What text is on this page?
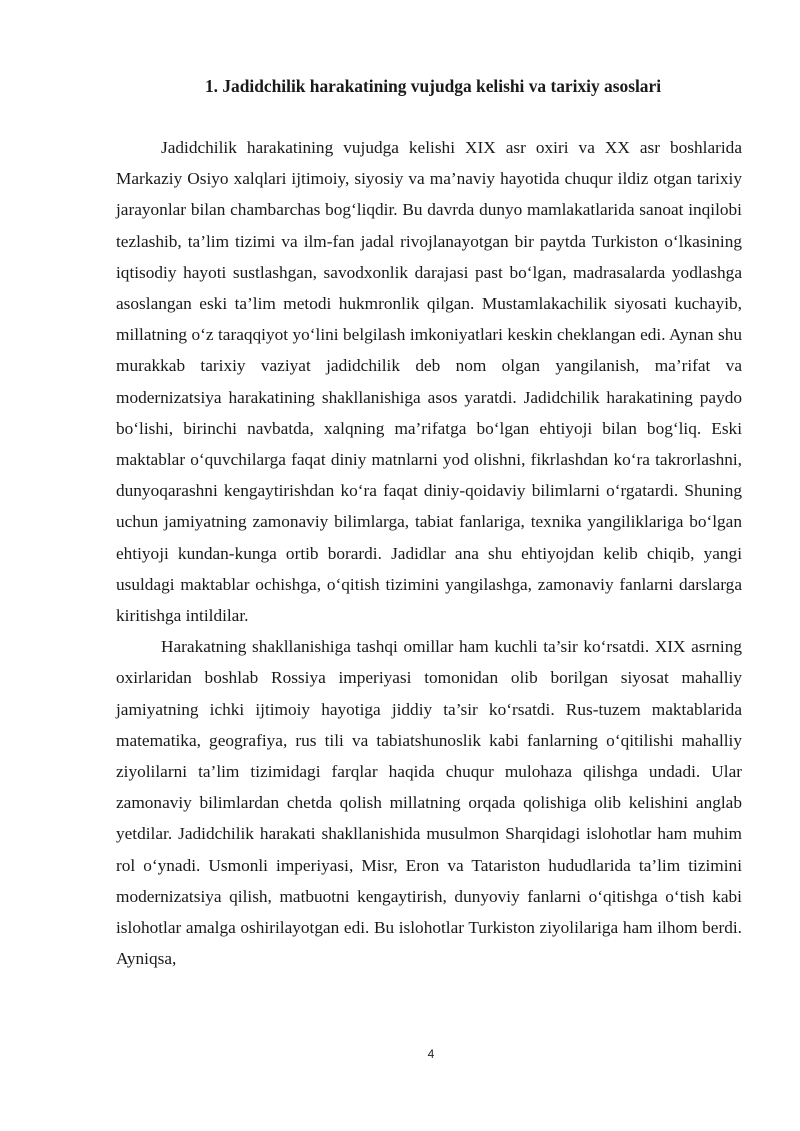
1. Jadidchilik harakatining vujudga kelishi va tarixiy asoslari

Jadidchilik harakatining vujudga kelishi XIX asr oxiri va XX asr boshlarida Markaziy Osiyo xalqlari ijtimoiy, siyosiy va ma’naviy hayotida chuqur ildiz otgan tarixiy jarayonlar bilan chambarchas bog‘liqdir. Bu davrda dunyo mamlakatlarida sanoat inqilobi tezlashib, ta’lim tizimi va ilm-fan jadal rivojlanayotgan bir paytda Turkiston o‘lkasining iqtisodiy hayoti sustlashgan, savodxonlik darajasi past bo‘lgan, madrasalarda yodlashga asoslangan eski ta’lim metodi hukmronlik qilgan. Mustamlakachilik siyosati kuchayib, millatning o‘z taraqqiyot yo‘lini belgilash imkoniyatlari keskin cheklangan edi. Aynan shu murakkab tarixiy vaziyat jadidchilik deb nom olgan yangilanish, ma’rifat va modernizatsiya harakatining shakllanishiga asos yaratdi. Jadidchilik harakatining paydo bo‘lishi, birinchi navbatda, xalqning ma’rifatga bo‘lgan ehtiyoji bilan bog‘liq. Eski maktablar o‘quvchilarga faqat diniy matnlarni yod olishni, fikrlashdan ko‘ra takrorlashni, dunyoqarashni kengaytirishdan ko‘ra faqat diniy-qoidaviy bilimlarni o‘rgatardi. Shuning uchun jamiyatning zamonaviy bilimlarga, tabiat fanlariga, texnika yangiliklariga bo‘lgan ehtiyoji kundan-kunga ortib borardi. Jadidlar ana shu ehtiyojdan kelib chiqib, yangi usuldagi maktablar ochishga, o‘qitish tizimini yangilashga, zamonaviy fanlarni darslarga kiritishga intildilar.

Harakatning shakllanishiga tashqi omillar ham kuchli ta’sir ko‘rsatdi. XIX asrning oxirlaridan boshlab Rossiya imperiyasi tomonidan olib borilgan siyosat mahalliy jamiyatning ichki ijtimoiy hayotiga jiddiy ta’sir ko‘rsatdi. Rus-tuzem maktablarida matematika, geografiya, rus tili va tabiatshunoslik kabi fanlarning o‘qitilishi mahalliy ziyolilarni ta’lim tizimidagi farqlar haqida chuqur mulohaza qilishga undadi. Ular zamonaviy bilimlardan chetda qolish millatning orqada qolishiga olib kelishini anglab yetdilar. Jadidchilik harakati shakllanishida musulmon Sharqidagi islohotlar ham muhim rol o‘ynadi. Usmonli imperiyasi, Misr, Eron va Tatariston hududlarida ta’lim tizimini modernizatsiya qilish, matbuotni kengaytirish, dunyoviy fanlarni o‘qitishga o‘tish kabi islohotlar amalga oshirilayotgan edi. Bu islohotlar Turkiston ziyolilariga ham ilhom berdi. Ayniqsa,

4
